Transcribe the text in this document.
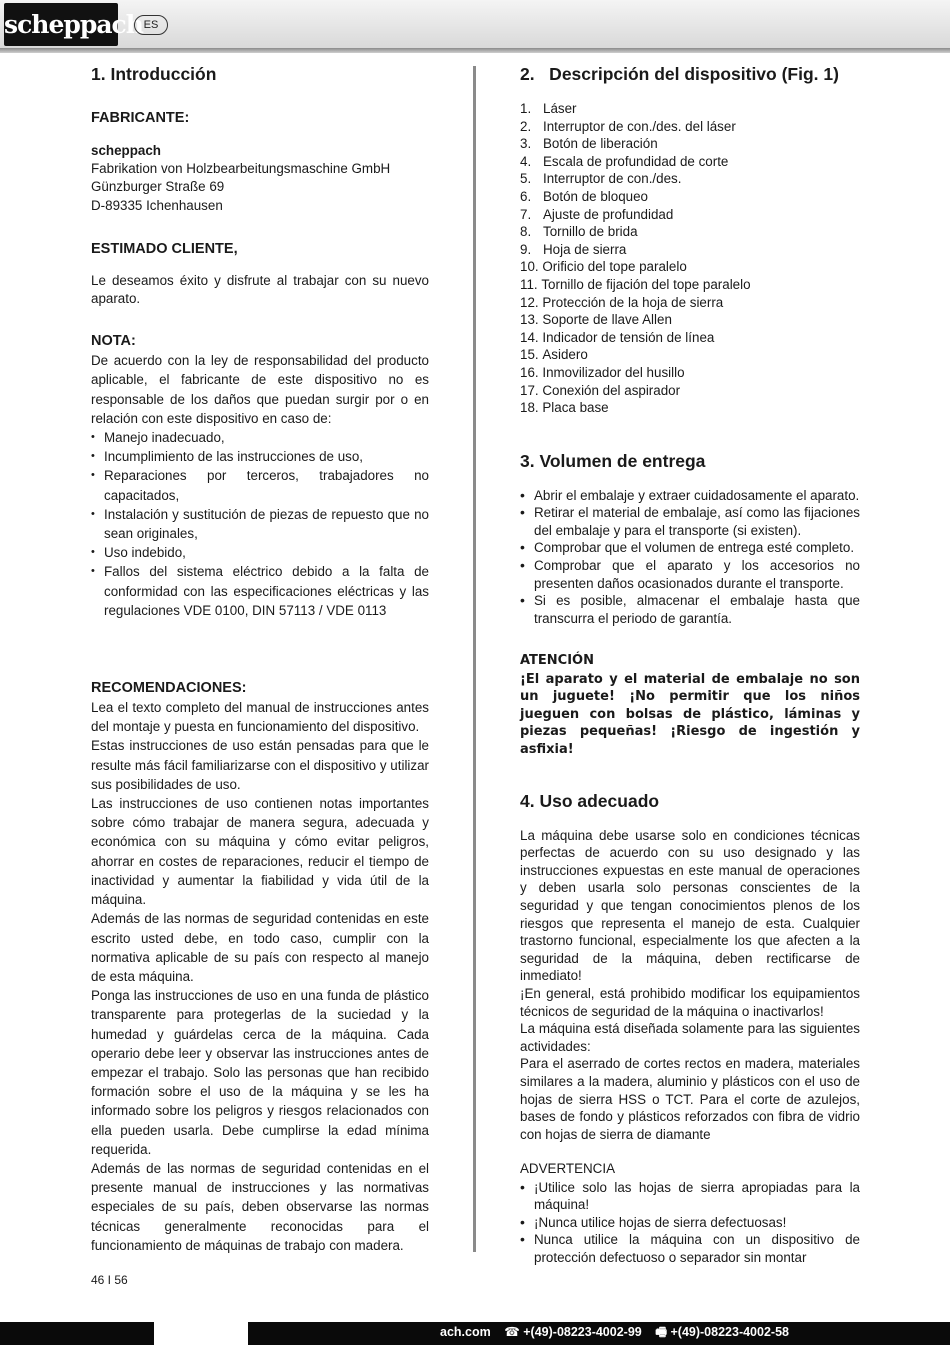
scheppach ES
1. Introducción
FABRICANTE:

scheppach

Fabrikation von Holzbearbeitungsmaschine GmbH

Günzburger Straße 69

D-89335 Ichenhausen

ESTIMADO CLIENTE,

Le deseamos éxito y disfrute al trabajar con su nuevo aparato.

NOTA:

De acuerdo con la ley de responsabilidad del producto aplicable, el fabricante de este dispositivo no es responsable de los daños que puedan surgir por o en relación con este dispositivo en caso de:

• Manejo inadecuado,
• Incumplimiento de las instrucciones de uso,
• Reparaciones por terceros, trabajadores no capacitados,
• Instalación y sustitución de piezas de repuesto que no sean originales,
• Uso indebido,
• Fallos del sistema eléctrico debido a la falta de conformidad con las especificaciones eléctricas y las regulaciones VDE 0100, DIN 57113 / VDE 0113
RECOMENDACIONES:

Lea el texto completo del manual de instrucciones antes del montaje y puesta en funcionamiento del dispositivo.

Estas instrucciones de uso están pensadas para que le resulte más fácil familiarizarse con el dispositivo y utilizar sus posibilidades de uso.

Las instrucciones de uso contienen notas importantes sobre cómo trabajar de manera segura, adecuada y económica con su máquina y cómo evitar peligros, ahorrar en costes de reparaciones, reducir el tiempo de inactividad y aumentar la fiabilidad y vida útil de la máquina.

Además de las normas de seguridad contenidas en este escrito usted debe, en todo caso, cumplir con la normativa aplicable de su país con respecto al manejo de esta máquina.

Ponga las instrucciones de uso en una funda de plástico transparente para protegerlas de la suciedad y la humedad y guárdelas cerca de la máquina. Cada operario debe leer y observar las instrucciones antes de empezar el trabajo. Solo las personas que han recibido formación sobre el uso de la máquina y se les ha informado sobre los peligros y riesgos relacionados con ella pueden usarla. Debe cumplirse la edad mínima requerida.

Además de las normas de seguridad contenidas en el presente manual de instrucciones y las normativas especiales de su país, deben observarse las normas técnicas generalmente reconocidas para el funcionamiento de máquinas de trabajo con madera.

2.   Descripción del dispositivo (Fig. 1)
1. Láser
2. Interruptor de con./des. del láser
3. Botón de liberación
4. Escala de profundidad de corte
5. Interruptor de con./des.
6. Botón de bloqueo
7. Ajuste de profundidad
8. Tornillo de brida
9. Hoja de sierra
10.
Orificio del tope paralelo
11.
Tornillo de fijación del tope paralelo
12.
Protección de la hoja de sierra
13.
Soporte de llave Allen
14.
Indicador de tensión de línea
15.
Asidero
16.
Inmovilizador del husillo
17.
Conexión del aspirador
18.
Placa base
3. Volumen de entrega
• Abrir el embalaje y extraer cuidadosamente el aparato.
• Retirar el material de embalaje, así como las fijaciones del embalaje y para el transporte (si existen).
• Comprobar que el volumen de entrega esté completo.
• Comprobar que el aparato y los accesorios no presenten daños ocasionados durante el transporte.
• Si es posible, almacenar el embalaje hasta que transcurra el periodo de garantía.

ATENCIÓN

¡El aparato y el material de embalaje no son un juguete! ¡No permitir que los niños jueguen con bolsas de plástico, láminas y piezas pequeñas! ¡Riesgo de ingestión y asfixia!

4. Uso adecuado

La máquina debe usarse solo en condiciones técnicas perfectas de acuerdo con su uso designado y las instrucciones expuestas en este manual de operaciones y deben usarla solo personas conscientes de la seguridad y que tengan conocimientos plenos de los riesgos que representa el manejo de esta. Cualquier trastorno funcional, especialmente los que afecten a la seguridad de la máquina, deben rectificarse de inmediato!

¡En general, está prohibido modificar los equipamientos técnicos de seguridad de la máquina o inactivarlos!

La máquina está diseñada solamente para las siguientes actividades:

Para el aserrado de cortes rectos en madera, materiales similares a la madera, aluminio y plásticos con el uso de hojas de sierra HSS o TCT. Para el corte de azulejos, bases de fondo y plásticos reforzados con fibra de vidrio con hojas de sierra de diamante

ADVERTENCIA

• ¡Utilice solo las hojas de sierra apropiadas para la máquina!
• ¡Nunca utilice hojas de sierra defectuosas!
• Nunca utilice la máquina con un dispositivo de protección defectuoso o separador sin montar
46 I 56
ach.com ☎ +(49)-08223-4002-99 🖷 +(49)-08223-4002-58
